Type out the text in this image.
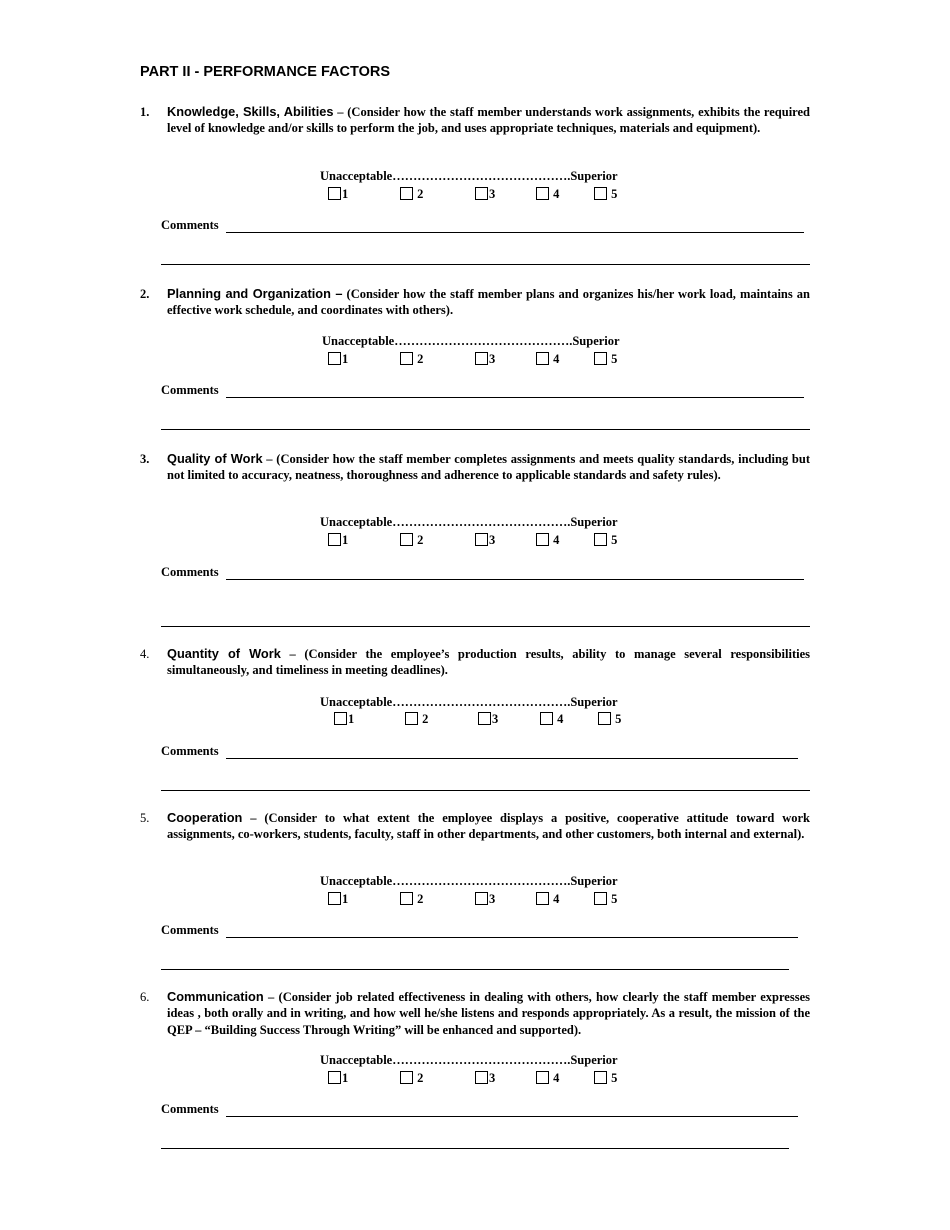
PART II - PERFORMANCE FACTORS
1. Knowledge, Skills, Abilities – (Consider how the staff member understands work assignments, exhibits the required level of knowledge and/or skills to perform the job, and uses appropriate techniques, materials and equipment).
Unacceptable…………………………………….Superior
1	2	3	4	5
Comments
2. Planning and Organization – (Consider how the staff member plans and organizes his/her work load, maintains an effective work schedule, and coordinates with others).
Unacceptable…………………………………….Superior
1	2	3	4	5
Comments
3. Quality of Work – (Consider how the staff member completes assignments and meets quality standards, including but not limited to accuracy, neatness, thoroughness and adherence to applicable standards and safety rules).
Unacceptable…………………………………….Superior
1	2	3	4	5
Comments
4. Quantity of Work – (Consider the employee’s production results, ability to manage several responsibilities simultaneously, and timeliness in meeting deadlines).
Unacceptable…………………………………….Superior
1	2	3	4	5
Comments
5. Cooperation – (Consider to what extent the employee displays a positive, cooperative attitude toward work assignments, co-workers, students, faculty, staff in other departments, and other customers, both internal and external).
Unacceptable…………………………………….Superior
1	2	3	4	5
Comments
6. Communication – (Consider job related effectiveness in dealing with others, how clearly the staff member expresses ideas , both orally and in writing, and how well he/she listens and responds appropriately. As a result, the mission of the QEP – “Building Success Through Writing” will be enhanced and supported).
Unacceptable…………………………………….Superior
1	2	3	4	5
Comments
